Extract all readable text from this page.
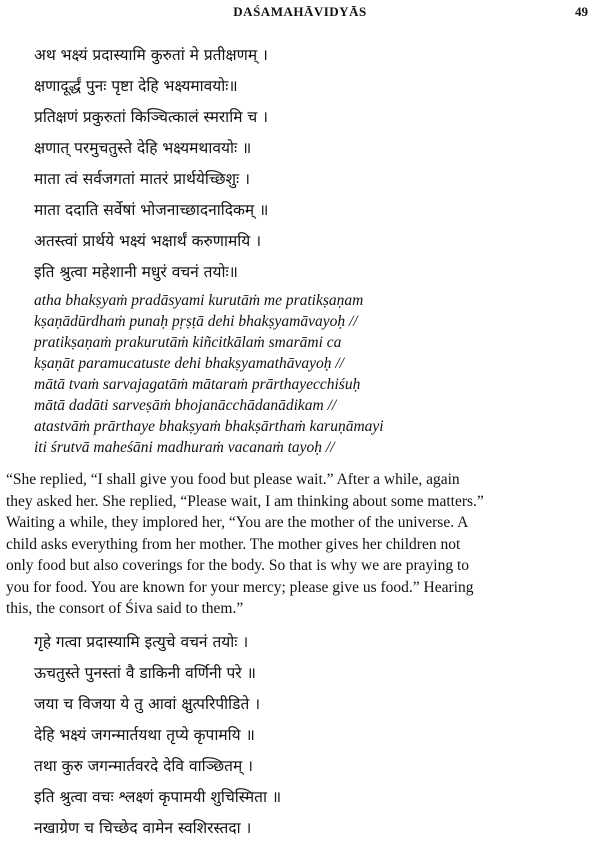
DAŚAMAHĀVIDYĀS	49
अथ भक्ष्यं प्रदास्यामि कुरुतां मे प्रतीक्षणम् ।
क्षणादूर्द्धं पुनः पृष्टा देहि भक्ष्यमावयोः॥
प्रतिक्षणं प्रकुरुतां किञ्चित्कालं स्मरामि च ।
क्षणात् परमुचतुस्ते देहि भक्ष्यमथावयोः ॥
माता त्वं सर्वजगतां मातरं प्रार्थयेच्छिशुः ।
माता ददाति सर्वेषां भोजनाच्छादनादिकम् ॥
अतस्त्वां प्रार्थये भक्ष्यं भक्षार्थं करुणामयि ।
इति श्रुत्वा महेशानी मधुरं वचनं तयोः॥
atha bhakṣyaṁ pradāsyami kurutāṁ me pratikṣaṇam
kṣaṇādūrdhaṁ punaḥ pṛṣṭā dehi bhakṣyamāvayoḥ //
pratikṣaṇaṁ prakurutāṁ kiñcitkālaṁ smarāmi ca
kṣaṇāt paramucatuste dehi bhakṣyamathāvayoḥ //
mātā tvaṁ sarvajagatāṁ mātaraṁ prārthayecchiśuḥ
mātā dadāti sarveṣāṁ bhojanācchādanādikam //
atastvāṁ prārthaye bhakṣyaṁ bhakṣārthaṁ karuṇāmayi
iti śrutvā maheśāni madhuraṁ vacanaṁ tayoḥ //
“She replied, “I shall give you food but please wait.” After a while, again
they asked her. She replied, “Please wait, I am thinking about some matters.”
Waiting a while, they implored her, “You are the mother of the universe. A
child asks everything from her mother. The mother gives her children not
only food but also coverings for the body. So that is why we are praying to
you for food. You are known for your mercy; please give us food.” Hearing
this, the consort of Śiva said to them.”
गृहे गत्वा प्रदास्यामि इत्युचे वचनं तयोः ।
ऊचतुस्ते पुनस्तां वै डाकिनी वर्णिनी परे ॥
जया च विजया ये तु आवां क्षुत्परिपीडिते ।
देहि भक्ष्यं जगन्मार्तयथा तृप्ये कृपामयि ॥
तथा कुरु जगन्मार्तवरदे देवि वाञ्छितम् ।
इति श्रुत्वा वचः श्लक्ष्णं कृपामयी शुचिस्मिता ॥
नखाग्रेण च चिच्छेद वामेन स्वशिरस्तदा ।
